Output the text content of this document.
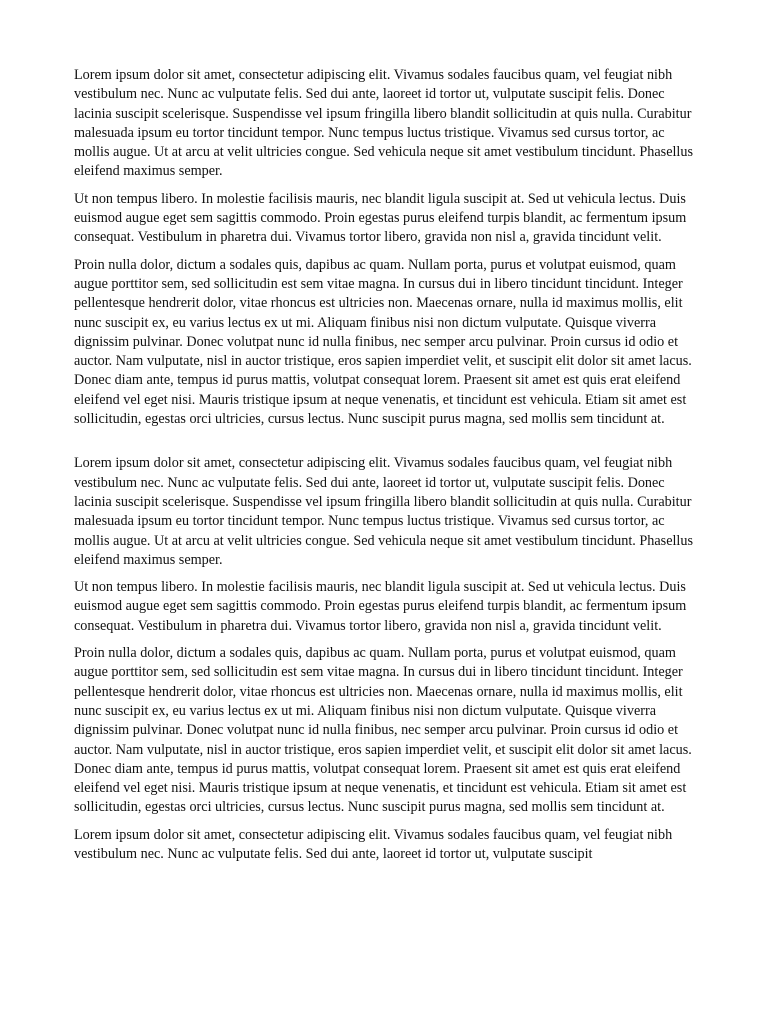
Lorem ipsum dolor sit amet, consectetur adipiscing elit. Vivamus sodales faucibus quam, vel feugiat nibh vestibulum nec. Nunc ac vulputate felis. Sed dui ante, laoreet id tortor ut, vulputate suscipit felis. Donec lacinia suscipit scelerisque. Suspendisse vel ipsum fringilla libero blandit sollicitudin at quis nulla. Curabitur malesuada ipsum eu tortor tincidunt tempor. Nunc tempus luctus tristique. Vivamus sed cursus tortor, ac mollis augue. Ut at arcu at velit ultricies congue. Sed vehicula neque sit amet vestibulum tincidunt. Phasellus eleifend maximus semper.

Ut non tempus libero. In molestie facilisis mauris, nec blandit ligula suscipit at. Sed ut vehicula lectus. Duis euismod augue eget sem sagittis commodo. Proin egestas purus eleifend turpis blandit, ac fermentum ipsum consequat. Vestibulum in pharetra dui. Vivamus tortor libero, gravida non nisl a, gravida tincidunt velit.

Proin nulla dolor, dictum a sodales quis, dapibus ac quam. Nullam porta, purus et volutpat euismod, quam augue porttitor sem, sed sollicitudin est sem vitae magna. In cursus dui in libero tincidunt tincidunt. Integer pellentesque hendrerit dolor, vitae rhoncus est ultricies non. Maecenas ornare, nulla id maximus mollis, elit nunc suscipit ex, eu varius lectus ex ut mi. Aliquam finibus nisi non dictum vulputate. Quisque viverra dignissim pulvinar. Donec volutpat nunc id nulla finibus, nec semper arcu pulvinar. Proin cursus id odio et auctor. Nam vulputate, nisl in auctor tristique, eros sapien imperdiet velit, et suscipit elit dolor sit amet lacus. Donec diam ante, tempus id purus mattis, volutpat consequat lorem. Praesent sit amet est quis erat eleifend eleifend vel eget nisi. Mauris tristique ipsum at neque venenatis, et tincidunt est vehicula. Etiam sit amet est sollicitudin, egestas orci ultricies, cursus lectus. Nunc suscipit purus magna, sed mollis sem tincidunt at.

Lorem ipsum dolor sit amet, consectetur adipiscing elit. Vivamus sodales faucibus quam, vel feugiat nibh vestibulum nec. Nunc ac vulputate felis. Sed dui ante, laoreet id tortor ut, vulputate suscipit felis. Donec lacinia suscipit scelerisque. Suspendisse vel ipsum fringilla libero blandit sollicitudin at quis nulla. Curabitur malesuada ipsum eu tortor tincidunt tempor. Nunc tempus luctus tristique. Vivamus sed cursus tortor, ac mollis augue. Ut at arcu at velit ultricies congue. Sed vehicula neque sit amet vestibulum tincidunt. Phasellus eleifend maximus semper.

Ut non tempus libero. In molestie facilisis mauris, nec blandit ligula suscipit at. Sed ut vehicula lectus. Duis euismod augue eget sem sagittis commodo. Proin egestas purus eleifend turpis blandit, ac fermentum ipsum consequat. Vestibulum in pharetra dui. Vivamus tortor libero, gravida non nisl a, gravida tincidunt velit.

Proin nulla dolor, dictum a sodales quis, dapibus ac quam. Nullam porta, purus et volutpat euismod, quam augue porttitor sem, sed sollicitudin est sem vitae magna. In cursus dui in libero tincidunt tincidunt. Integer pellentesque hendrerit dolor, vitae rhoncus est ultricies non. Maecenas ornare, nulla id maximus mollis, elit nunc suscipit ex, eu varius lectus ex ut mi. Aliquam finibus nisi non dictum vulputate. Quisque viverra dignissim pulvinar. Donec volutpat nunc id nulla finibus, nec semper arcu pulvinar. Proin cursus id odio et auctor. Nam vulputate, nisl in auctor tristique, eros sapien imperdiet velit, et suscipit elit dolor sit amet lacus. Donec diam ante, tempus id purus mattis, volutpat consequat lorem. Praesent sit amet est quis erat eleifend eleifend vel eget nisi. Mauris tristique ipsum at neque venenatis, et tincidunt est vehicula. Etiam sit amet est sollicitudin, egestas orci ultricies, cursus lectus. Nunc suscipit purus magna, sed mollis sem tincidunt at.

Lorem ipsum dolor sit amet, consectetur adipiscing elit. Vivamus sodales faucibus quam, vel feugiat nibh vestibulum nec. Nunc ac vulputate felis. Sed dui ante, laoreet id tortor ut, vulputate suscipit
